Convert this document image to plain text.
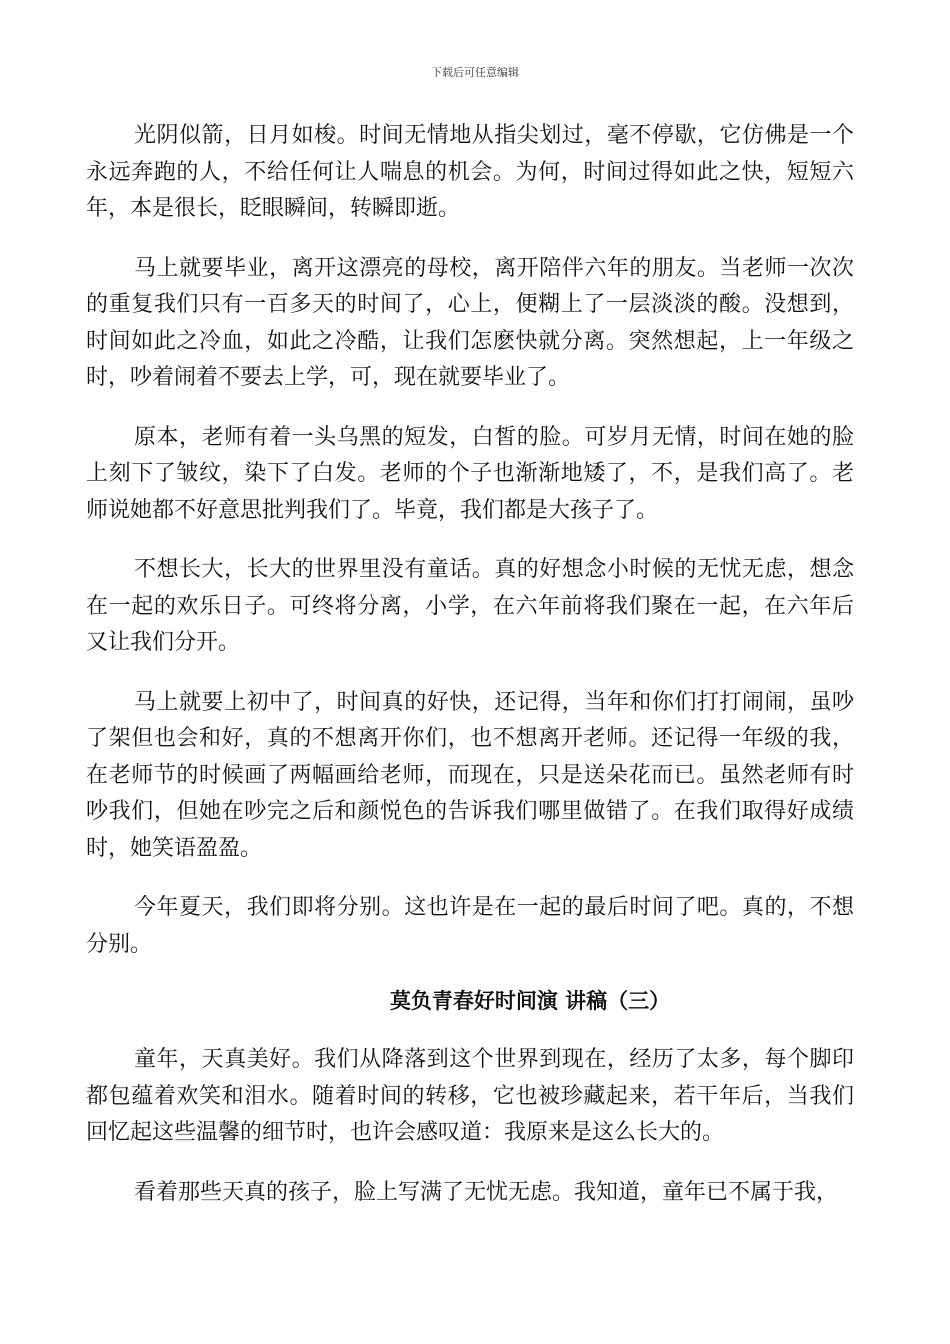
下载后可任意编辑

光阴似箭，日月如梭。时间无情地从指尖划过，毫不停歇，它仿佛是一个永远奔跑的人，不给任何让人喘息的机会。为何，时间过得如此之快，短短六年，本是很长，眨眼瞬间，转瞬即逝。

马上就要毕业，离开这漂亮的母校，离开陪伴六年的朋友。当老师一次次的重复我们只有一百多天的时间了，心上，便糊上了一层淡淡的酸。没想到，时间如此之冷血，如此之冷酷，让我们怎麽快就分离。突然想起，上一年级之时，吵着闹着不要去上学，可，现在就要毕业了。

原本，老师有着一头乌黑的短发，白皙的脸。可岁月无情，时间在她的脸上刻下了皱纹，染下了白发。老师的个子也渐渐地矮了，不，是我们高了。老师说她都不好意思批判我们了。毕竟，我们都是大孩子了。

不想长大，长大的世界里没有童话。真的好想念小时候的无忧无虑，想念在一起的欢乐日子。可终将分离，小学，在六年前将我们聚在一起，在六年后又让我们分开。

马上就要上初中了，时间真的好快，还记得，当年和你们打打闹闹，虽吵了架但也会和好，真的不想离开你们，也不想离开老师。还记得一年级的我，在老师节的时候画了两幅画给老师，而现在，只是送朵花而已。虽然老师有时吵我们，但她在吵完之后和颜悦色的告诉我们哪里做错了。在我们取得好成绩时，她笑语盈盈。

今年夏天，我们即将分别。这也许是在一起的最后时间了吧。真的，不想分别。

莫负青春好时间演 讲稿（三）

童年，天真美好。我们从降落到这个世界到现在，经历了太多，每个脚印都包蕴着欢笑和泪水。随着时间的转移，它也被珍藏起来，若干年后，当我们回忆起这些温馨的细节时，也许会感叹道：我原来是这么长大的。

看着那些天真的孩子，脸上写满了无忧无虑。我知道，童年已不属于我，
